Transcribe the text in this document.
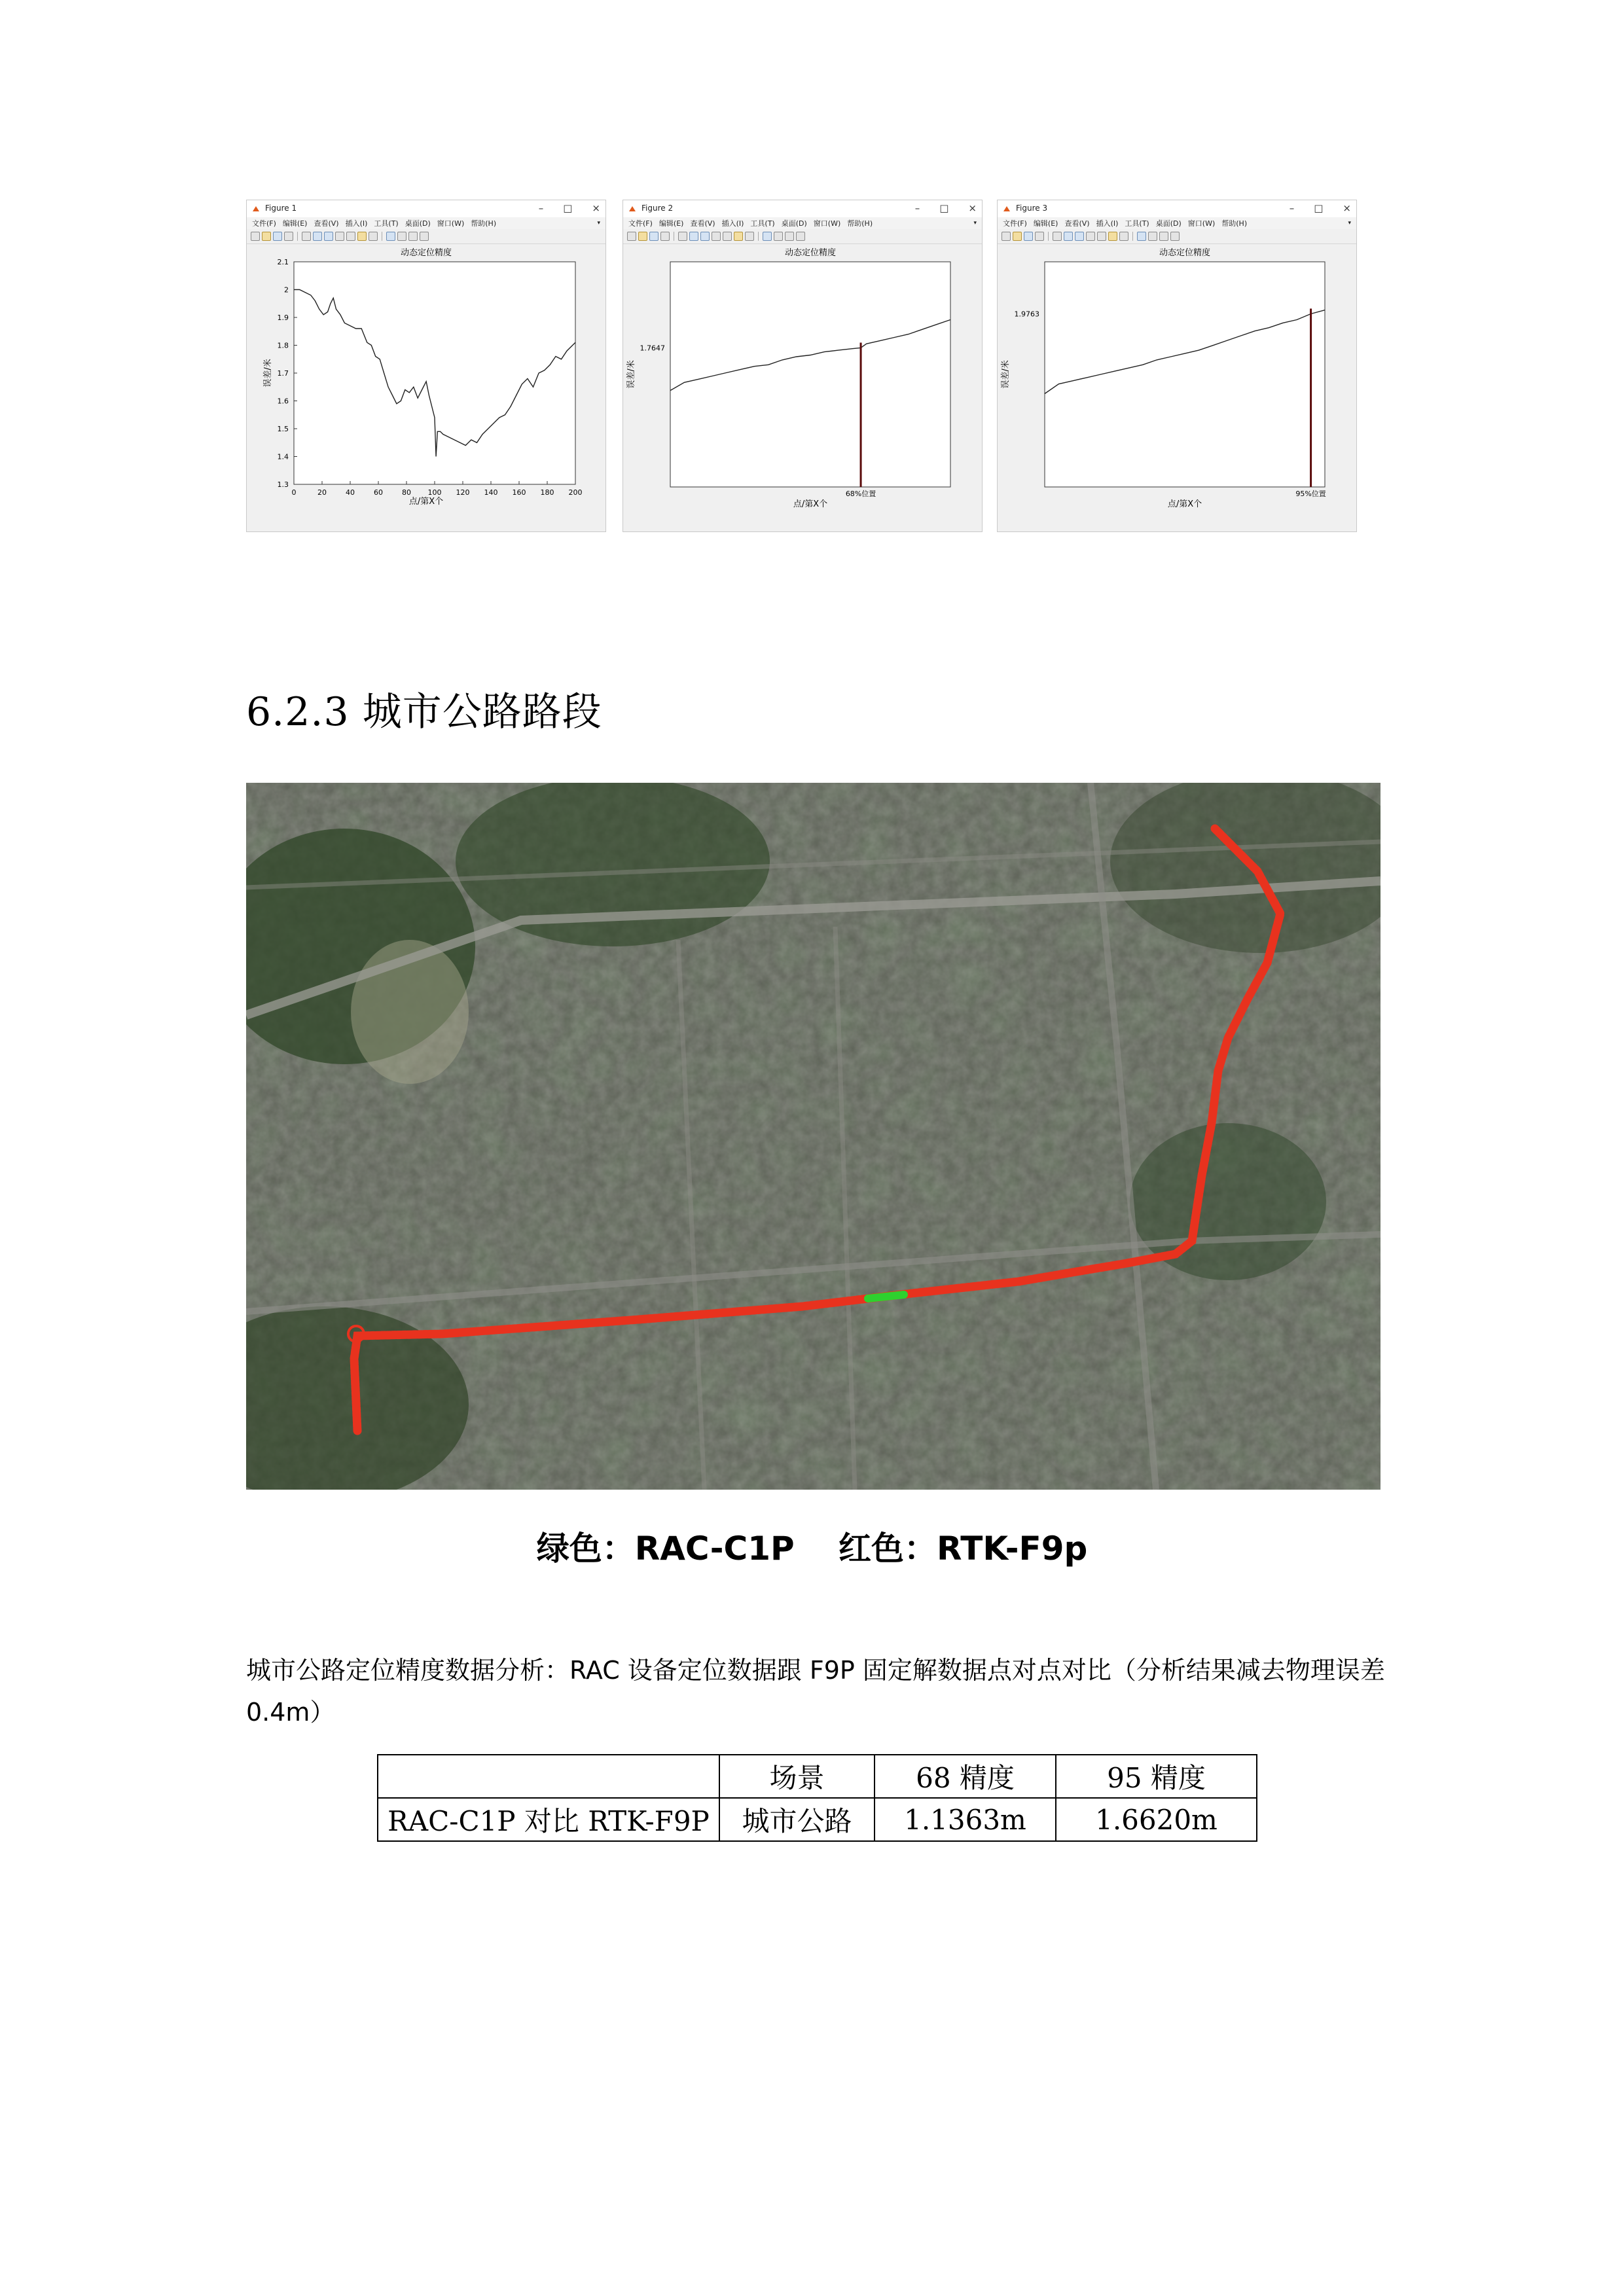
Figure 1	– □ ×
文件(F) 编辑(E) 查看(V) 插入(I) 工具(T) 桌面(D) 窗口(W) 帮助(H)	▾
动态定位精度
1.3
1.4
1.5
1.6
1.7
1.8
1.9
2
2.1
0	20	40	60	80 100 120 140 160 180 200
点/第X个
误差/米
Figure 2	– □ ×
文件(F) 编辑(E) 查看(V) 插入(I) 工具(T) 桌面(D) 窗口(W) 帮助(H)	▾
动态定位精度
1.7647
68%位置
点/第X个
误差/米
Figure 3	– □ ×
文件(F) 编辑(E) 查看(V) 插入(I) 工具(T) 桌面(D) 窗口(W) 帮助(H)	▾
动态定位精度
1.9763
95%位置
点/第X个
误差/米
6.2.3 城市公路路段
绿色：RAC-C1P　 红色：RTK-F9p
城市公路定位精度数据分析：RAC 设备定位数据跟 F9P 固定解数据点对点对比（分析结果减去物理误差 0.4m）
	场景	68 精度	95 精度
RAC-C1P 对比 RTK-F9P	城市公路	1.1363m	1.6620m
